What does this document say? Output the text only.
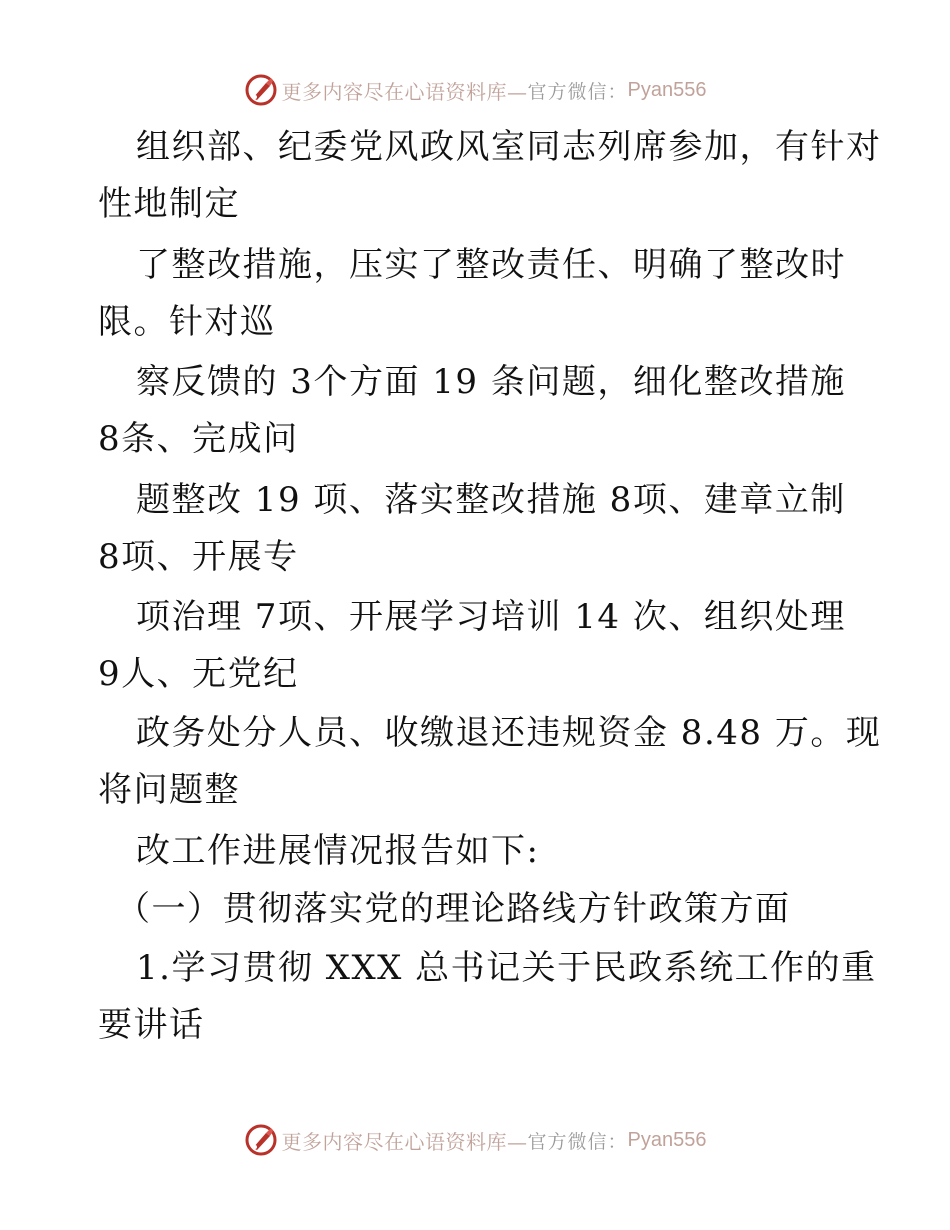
更多内容尽在心语资料库— 官方微信： Pyan556
组织部、纪委党风政风室同志列席参加，有针对
性地制定
了整改措施，压实了整改责任、明确了整改时
限。针对巡
察反馈的 3个方面 19 条问题，细化整改措施
8条、完成问
题整改 19 项、落实整改措施 8项、建章立制
8项、开展专
项治理 7项、开展学习培训 14 次、组织处理
9人、无党纪
政务处分人员、收缴退还违规资金 8.48 万。现
将问题整
改工作进展情况报告如下:
（一）贯彻落实党的理论路线方针政策方面
1.学习贯彻 XXX 总书记关于民政系统工作的重
要讲话
更多内容尽在心语资料库— 官方微信： Pyan556
